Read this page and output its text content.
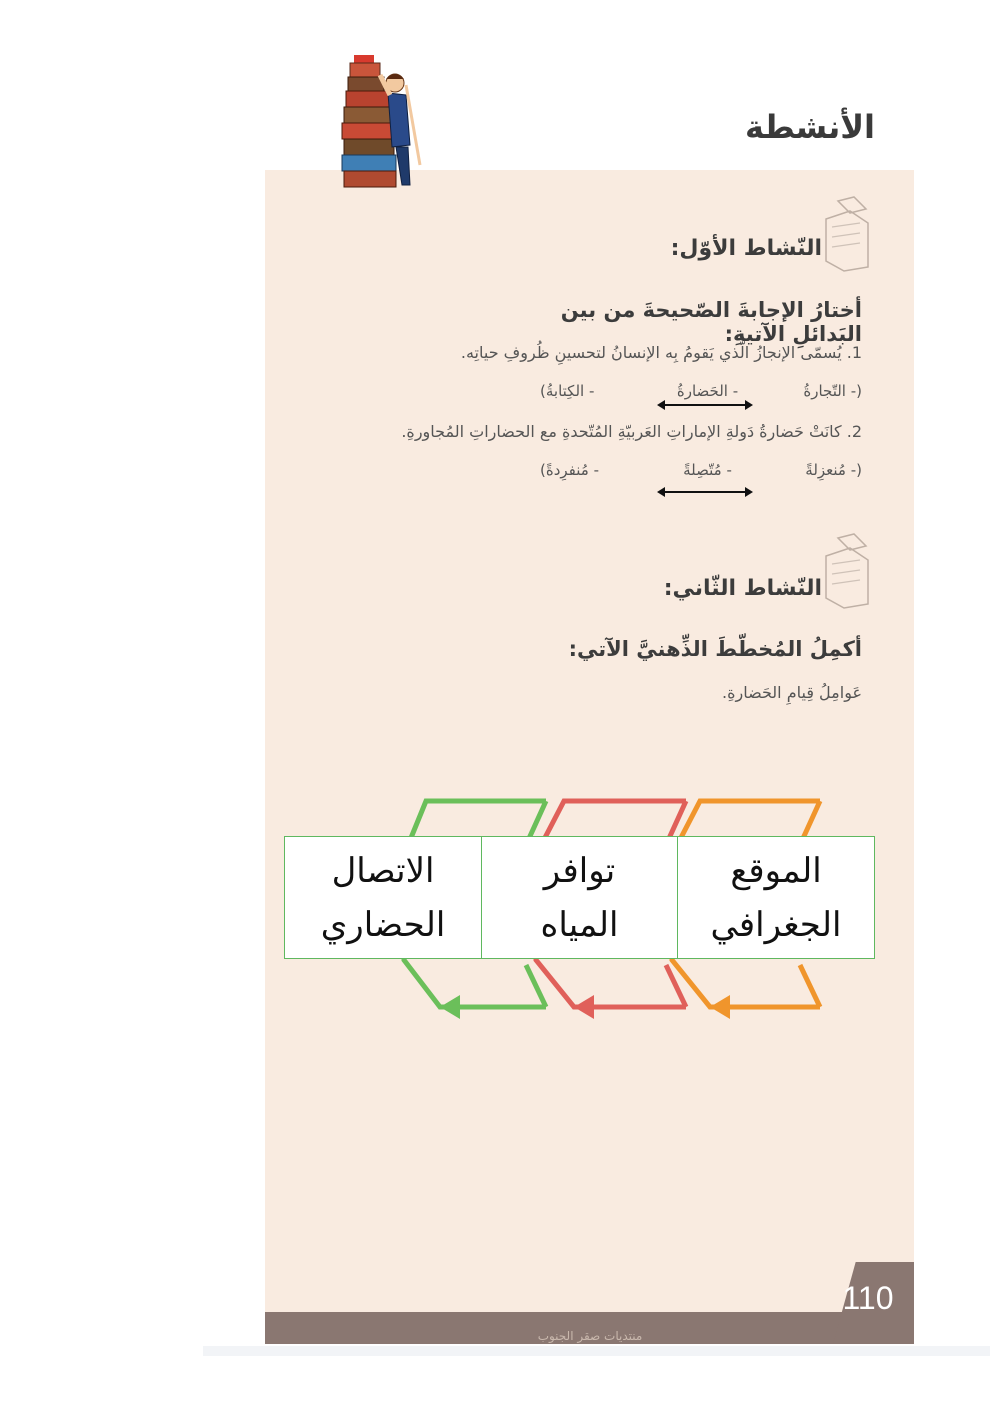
110
منتديات صقر الجنوب
الأنشطة
النّشاط الأوّل:
أختارُ الإجابةَ الصّحيحةَ من بين البَدائلِ الآتيةِ:
1. يُسمّى الإنجازُ الّذي يَقومُ بِه الإنسانُ لتحسينِ ظُروفِ حياتِه.
(- التّجارةُ
- الحَضارةُ
- الكِتابةُ)
2. كانَتْ حَضارةُ دَولةِ الإماراتِ العَربيّةِ المُتّحدةِ مع الحضاراتِ المُجاورةِ.
(- مُنعزِلةً
- مُتّصِلةً
- مُنفرِدةً)
النّشاط الثّاني:
أكمِلُ المُخطّطَ الذِّهنيَّ الآتي:
عَوامِلُ قِيامِ الحَضارةِ.
الموقع
الجغرافي
توافر
المياه
الاتصال
الحضاري
